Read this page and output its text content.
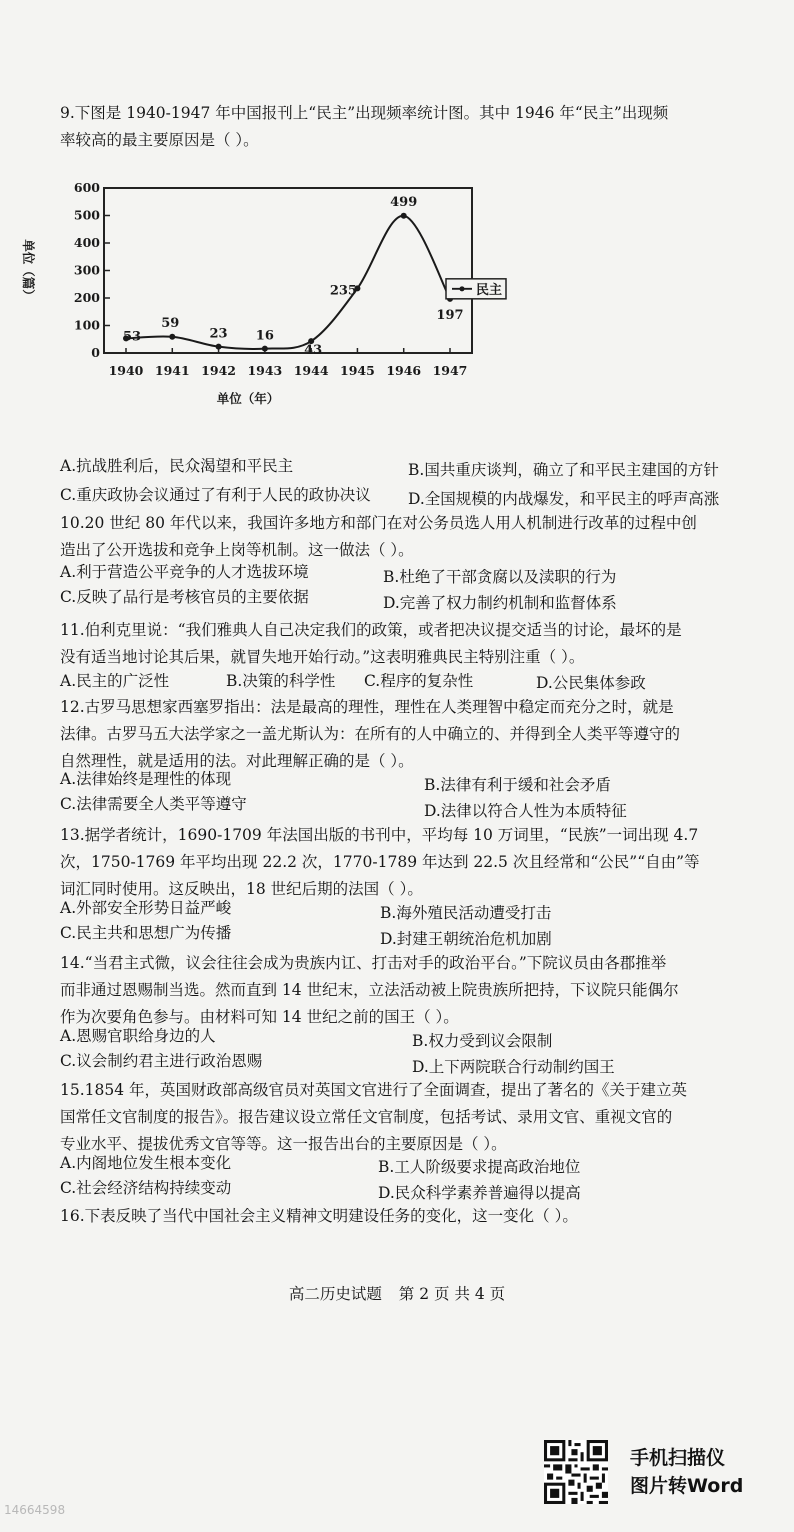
9.下图是 1940-1947 年中国报刊上“民主”出现频率统计图。其中 1946 年“民主”出现频
率较高的最主要原因是（ ）。

0
100
200
300
400
500
600
1940 1941 1942 1943 1944 1945 1946 1947
53
59
23 16
43
235
499
197
民主
单位（篇）
单位（年）
A.抗战胜利后，民众渴望和平民主	B.国共重庆谈判，确立了和平民主建国的方针
C.重庆政协会议通过了有利于人民的政协决议 D.全国规模的内战爆发，和平民主的呼声高涨

10.20 世纪 80 年代以来，我国许多地方和部门在对公务员选人用人机制进行改革的过程中创
造出了公开选拔和竞争上岗等机制。这一做法（ ）。

A.利于营造公平竞争的人才选拔环境	B.杜绝了干部贪腐以及渎职的行为
C.反映了品行是考核官员的主要依据	D.完善了权力制约机制和监督体系

11.伯利克里说：“我们雅典人自己决定我们的政策，或者把决议提交适当的讨论，最坏的是
没有适当地讨论其后果，就冒失地开始行动。”这表明雅典民主特别注重（ ）。

A.民主的广泛性	B.决策的科学性 C.程序的复杂性	D.公民集体参政

12.古罗马思想家西塞罗指出：法是最高的理性，理性在人类理智中稳定而充分之时，就是
法律。古罗马五大法学家之一盖尤斯认为：在所有的人中确立的、并得到全人类平等遵守的
自然理性，就是适用的法。对此理解正确的是（ ）。

A.法律始终是理性的体现	B.法律有利于缓和社会矛盾
C.法律需要全人类平等遵守	D.法律以符合人性为本质特征

13.据学者统计，1690-1709 年法国出版的书刊中，平均每 10 万词里，“民族”一词出现 4.7
次，1750-1769 年平均出现 22.2 次，1770-1789 年达到 22.5 次且经常和“公民”“自由”等
词汇同时使用。这反映出，18 世纪后期的法国（ ）。

A.外部安全形势日益严峻	B.海外殖民活动遭受打击
C.民主共和思想广为传播	D.封建王朝统治危机加剧

14.“当君主式微，议会往往会成为贵族内讧、打击对手的政治平台。”下院议员由各郡推举
而非通过恩赐制当选。然而直到 14 世纪末，立法活动被上院贵族所把持，下议院只能偶尔
作为次要角色参与。由材料可知 14 世纪之前的国王（ ）。

A.恩赐官职给身边的人	B.权力受到议会限制
C.议会制约君主进行政治恩赐	D.上下两院联合行动制约国王

15.1854 年，英国财政部高级官员对英国文官进行了全面调查，提出了著名的《关于建立英
国常任文官制度的报告》。报告建议设立常任文官制度，包括考试、录用文官、重视文官的
专业水平、提拔优秀文官等等。这一报告出台的主要原因是（ ）。

A.内阁地位发生根本变化	B.工人阶级要求提高政治地位
C.社会经济结构持续变动	D.民众科学素养普遍得以提高

16.下表反映了当代中国社会主义精神文明建设任务的变化，这一变化（ ）。

高二历史试题 第 2 页 共 4 页
手机扫描仪
图片转Word
14664598
